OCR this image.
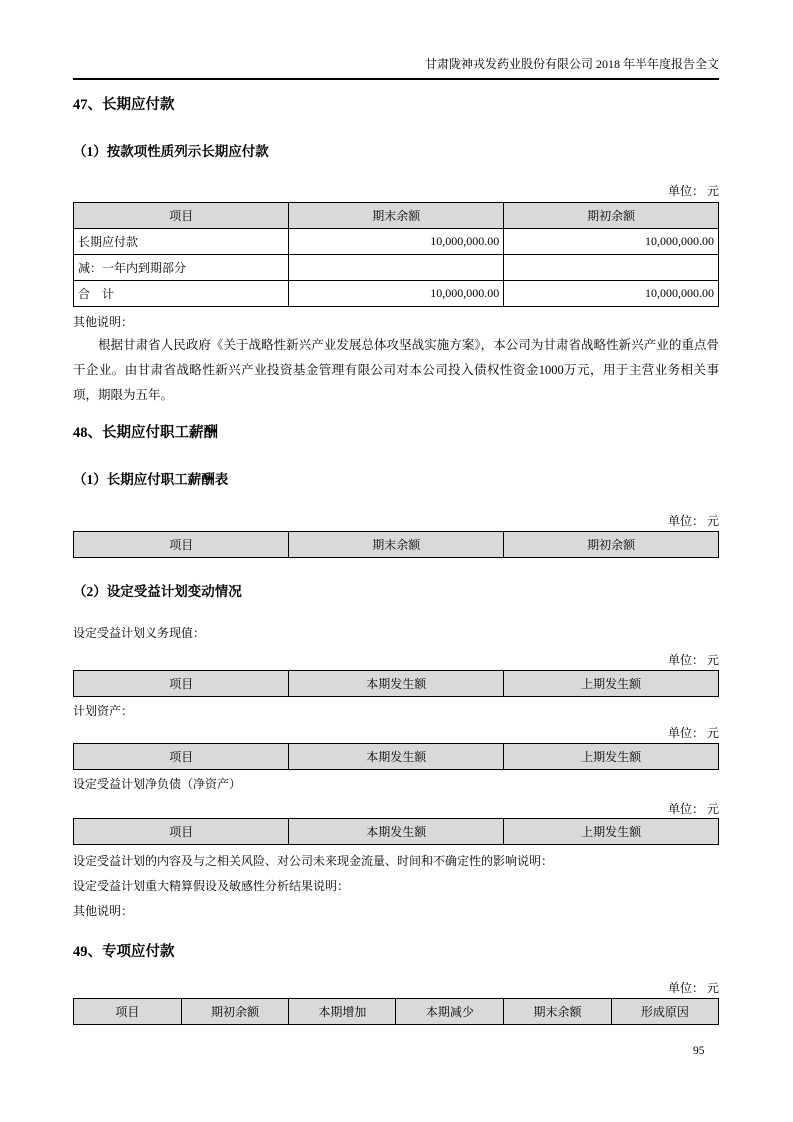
甘肃陇神戎发药业股份有限公司 2018 年半年度报告全文
47、长期应付款
（1）按款项性质列示长期应付款
单位： 元
项目	期末余额	期初余额
长期应付款	10,000,000.00	10,000,000.00
减：一年内到期部分		
合　计	10,000,000.00	10,000,000.00
其他说明：

根据甘肃省人民政府《关于战略性新兴产业发展总体攻坚战实施方案》，本公司为甘肃省战略性新兴产业的重点骨干企业。由甘肃省战略性新兴产业投资基金管理有限公司对本公司投入债权性资金1000万元，用于主营业务相关事项，期限为五年。

48、长期应付职工薪酬
（1）长期应付职工薪酬表
单位： 元
项目	期末余额	期初余额
（2）设定受益计划变动情况
设定受益计划义务现值：
单位： 元
项目	本期发生额	上期发生额
计划资产：
单位： 元
项目	本期发生额	上期发生额
设定受益计划净负债（净资产）
单位： 元
项目	本期发生额	上期发生额
设定受益计划的内容及与之相关风险、对公司未来现金流量、时间和不确定性的影响说明：
设定受益计划重大精算假设及敏感性分析结果说明：
其他说明：
49、专项应付款
单位： 元
项目	期初余额	本期增加	本期减少	期末余额	形成原因
95
